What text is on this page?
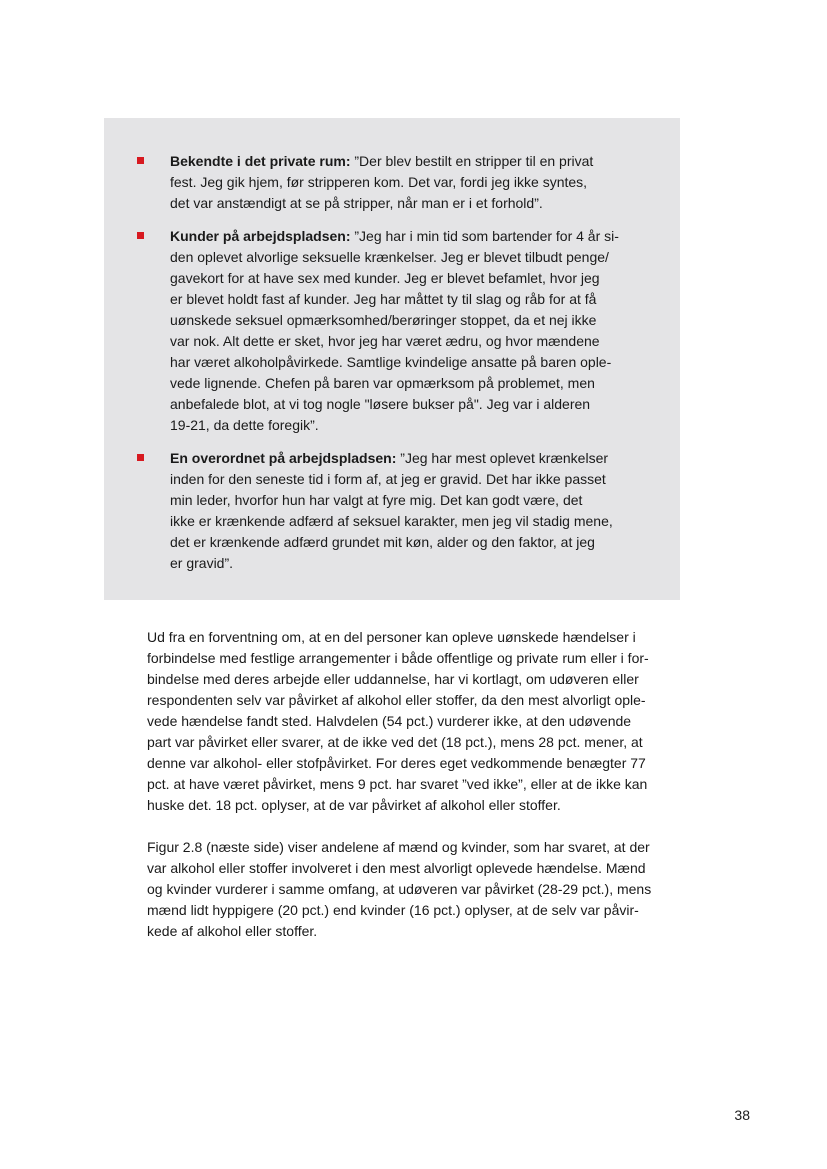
Bekendte i det private rum: ”Der blev bestilt en stripper til en privat
fest. Jeg gik hjem, før stripperen kom. Det var, fordi jeg ikke syntes,
det var anstændigt at se på stripper, når man er i et forhold”.
Kunder på arbejdspladsen: ”Jeg har i min tid som bartender for 4 år si-
den oplevet alvorlige seksuelle krænkelser. Jeg er blevet tilbudt penge/
gavekort for at have sex med kunder. Jeg er blevet befamlet, hvor jeg
er blevet holdt fast af kunder. Jeg har måttet ty til slag og råb for at få
uønskede seksuel opmærksomhed/berøringer stoppet, da et nej ikke
var nok. Alt dette er sket, hvor jeg har været ædru, og hvor mændene
har været alkoholpåvirkede. Samtlige kvindelige ansatte på baren ople-
vede lignende. Chefen på baren var opmærksom på problemet, men
anbefalede blot, at vi tog nogle "løsere bukser på". Jeg var i alderen
19-21, da dette foregik”.
En overordnet på arbejdspladsen: ”Jeg har mest oplevet krænkelser
inden for den seneste tid i form af, at jeg er gravid. Det har ikke passet
min leder, hvorfor hun har valgt at fyre mig. Det kan godt være, det
ikke er krænkende adfærd af seksuel karakter, men jeg vil stadig mene,
det er krænkende adfærd grundet mit køn, alder og den faktor, at jeg
er gravid”.
Ud fra en forventning om, at en del personer kan opleve uønskede hændelser i
forbindelse med festlige arrangementer i både offentlige og private rum eller i for-
bindelse med deres arbejde eller uddannelse, har vi kortlagt, om udøveren eller
respondenten selv var påvirket af alkohol eller stoffer, da den mest alvorligt ople-
vede hændelse fandt sted. Halvdelen (54 pct.) vurderer ikke, at den udøvende
part var påvirket eller svarer, at de ikke ved det (18 pct.), mens 28 pct. mener, at
denne var alkohol- eller stofpåvirket. For deres eget vedkommende benægter 77
pct. at have været påvirket, mens 9 pct. har svaret ”ved ikke”, eller at de ikke kan
huske det. 18 pct. oplyser, at de var påvirket af alkohol eller stoffer.
Figur 2.8 (næste side) viser andelene af mænd og kvinder, som har svaret, at der
var alkohol eller stoffer involveret i den mest alvorligt oplevede hændelse. Mænd
og kvinder vurderer i samme omfang, at udøveren var påvirket (28-29 pct.), mens
mænd lidt hyppigere (20 pct.) end kvinder (16 pct.) oplyser, at de selv var påvir-
kede af alkohol eller stoffer.
38
